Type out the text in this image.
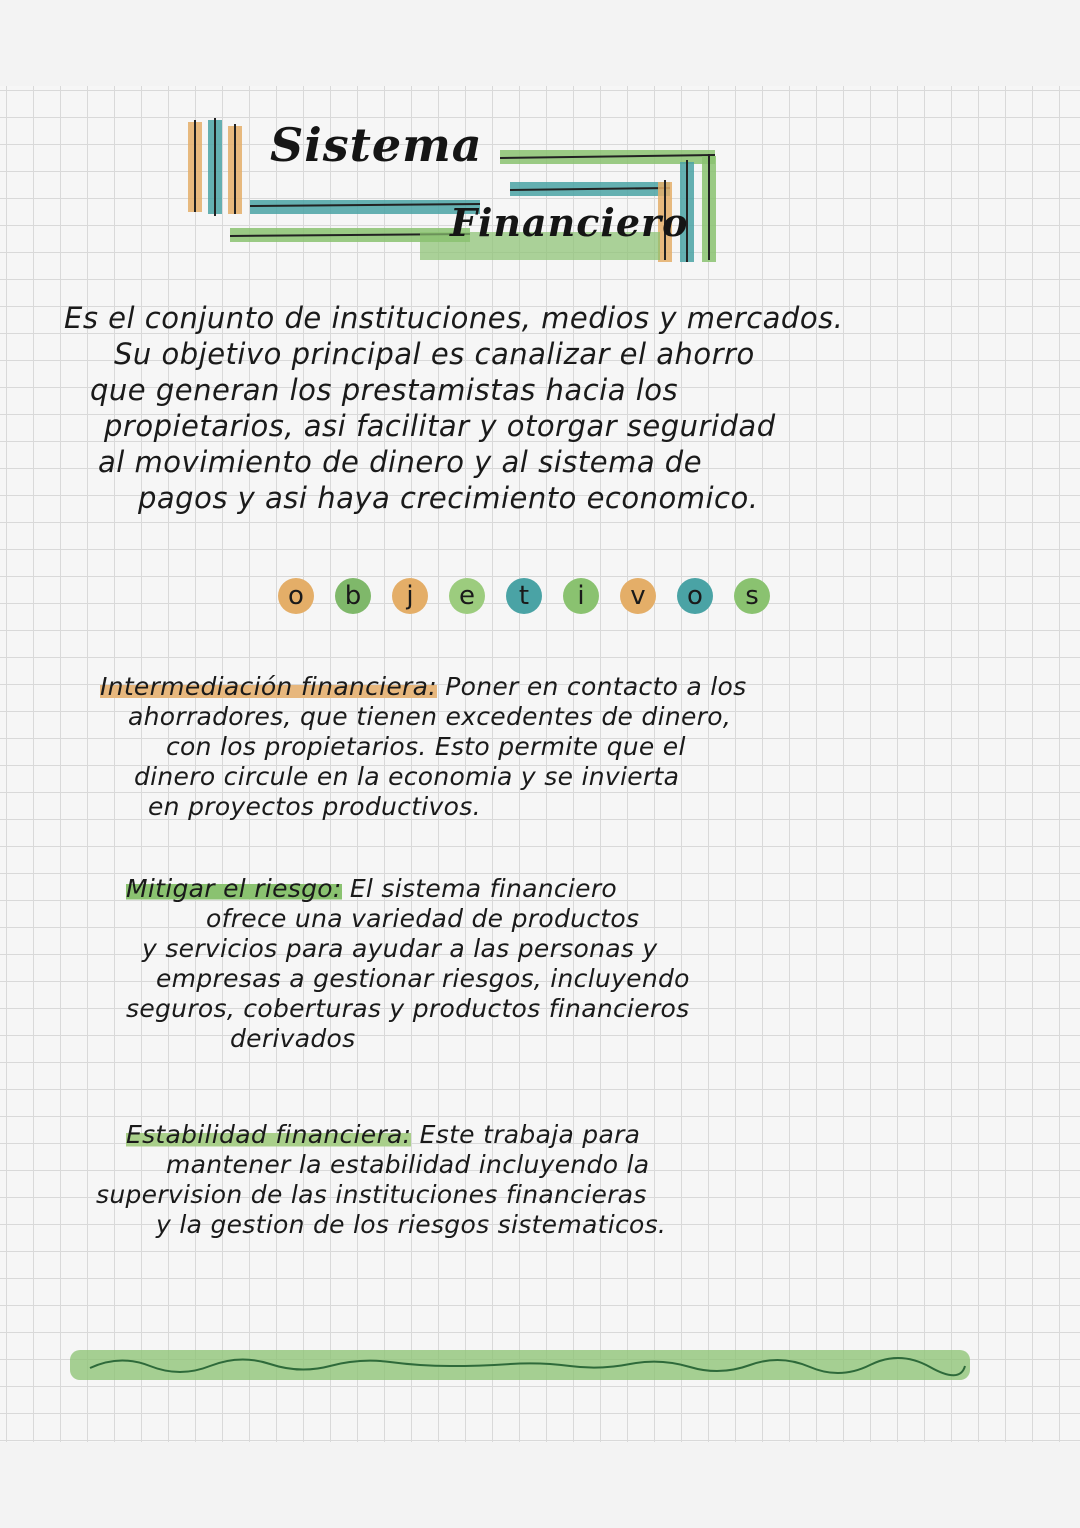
Sistema
Financiero
Es el conjunto de instituciones, medios y mercados.
Su objetivo principal es canalizar el ahorro
que generan los prestamistas hacia los
propietarios, asi facilitar y otorgar seguridad
al movimiento de dinero y al sistema de
pagos y asi haya crecimiento economico.
o	b	j	e	t	i	v	o	s
Intermediación financiera: Poner en contacto a los
ahorradores, que tienen excedentes de dinero,
con los propietarios. Esto permite que el
dinero circule en la economia y se invierta
en proyectos productivos.
Mitigar el riesgo: El sistema financiero
ofrece una variedad de productos
y servicios para ayudar a las personas y
empresas a gestionar riesgos, incluyendo
seguros, coberturas y productos financieros
derivados
Estabilidad financiera: Este trabaja para
mantener la estabilidad incluyendo la
supervision de las instituciones financieras
y la gestion de los riesgos sistematicos.
